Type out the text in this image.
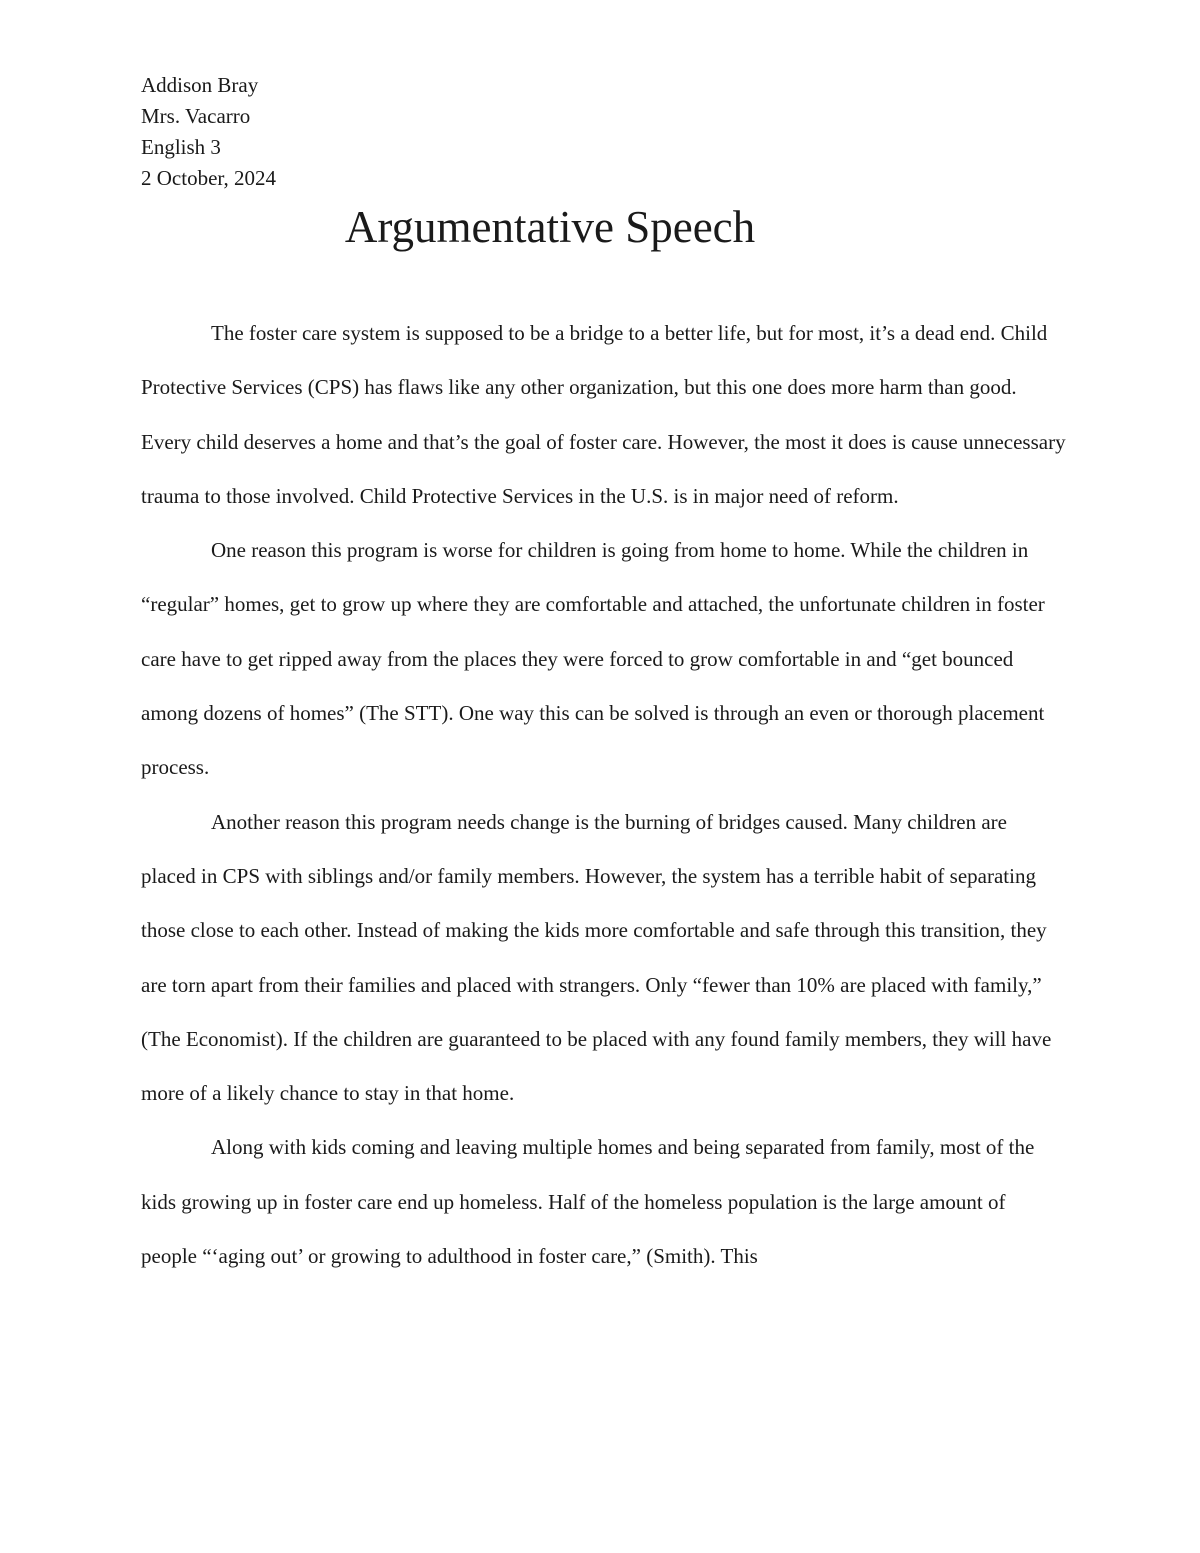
Addison Bray
Mrs. Vacarro
English 3
2 October, 2024
Argumentative Speech

The foster care system is supposed to be a bridge to a better life, but for most, it’s a dead end. Child Protective Services (CPS) has flaws like any other organization, but this one does more harm than good. Every child deserves a home and that’s the goal of foster care. However, the most it does is cause unnecessary trauma to those involved. Child Protective Services in the U.S. is in major need of reform.

One reason this program is worse for children is going from home to home. While the children in “regular” homes, get to grow up where they are comfortable and attached, the unfortunate children in foster care have to get ripped away from the places they were forced to grow comfortable in and “get bounced among dozens of homes” (The STT). One way this can be solved is through an even or thorough placement process.

Another reason this program needs change is the burning of bridges caused. Many children are placed in CPS with siblings and/or family members. However, the system has a terrible habit of separating those close to each other. Instead of making the kids more comfortable and safe through this transition, they are torn apart from their families and placed with strangers. Only “fewer than 10% are placed with family,” (The Economist). If the children are guaranteed to be placed with any found family members, they will have more of a likely chance to stay in that home.

Along with kids coming and leaving multiple homes and being separated from family, most of the kids growing up in foster care end up homeless. Half of the homeless population is the large amount of people “‘aging out’ or growing to adulthood in foster care,” (Smith). This
